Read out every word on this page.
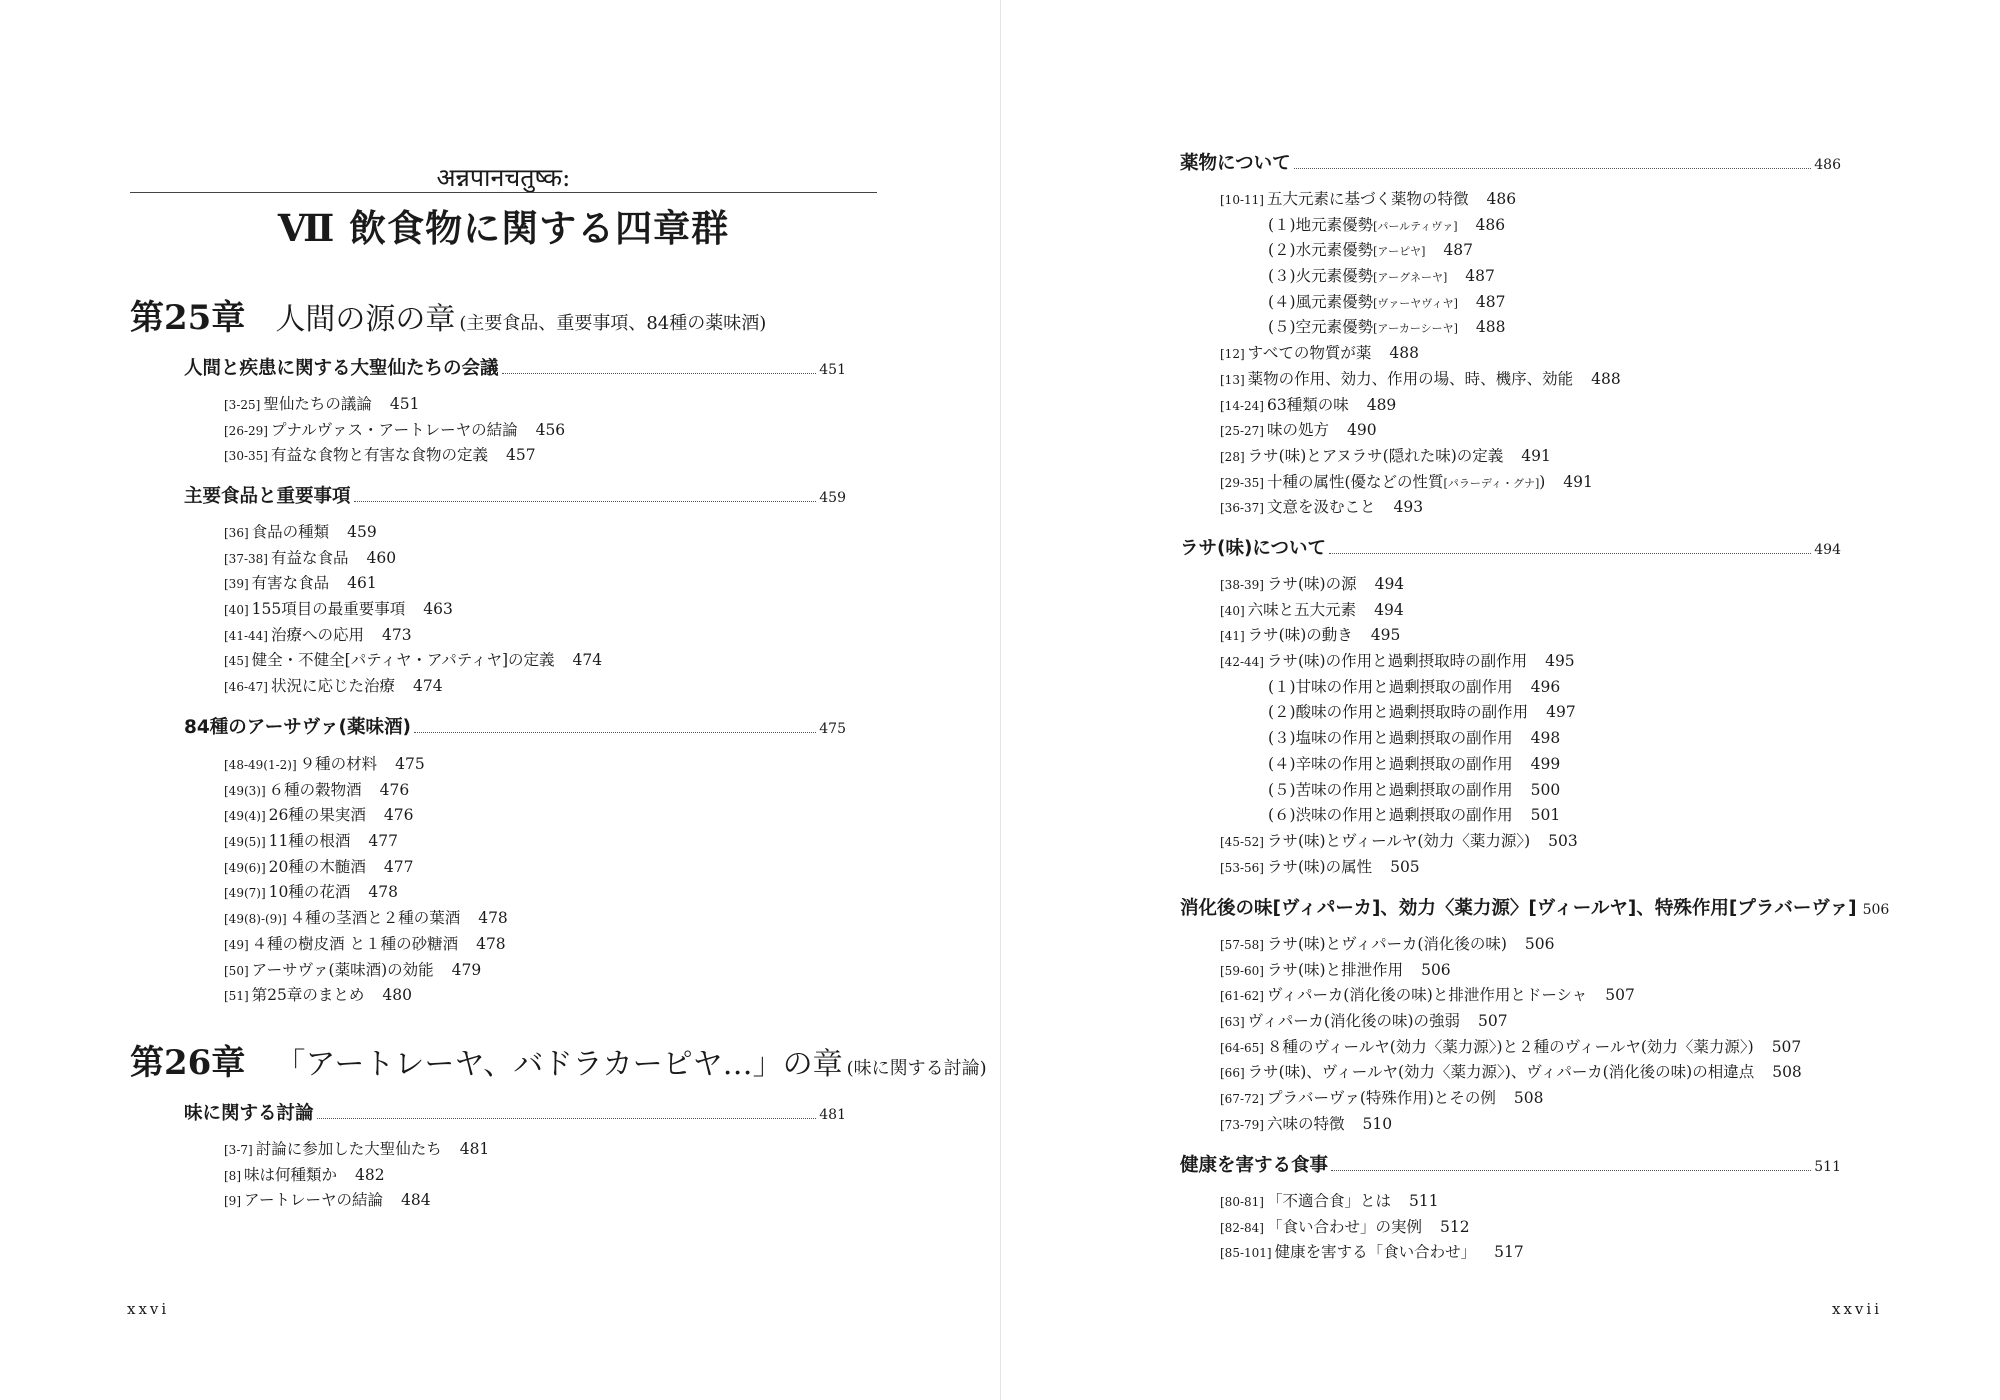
अन्नपानचतुष्क:
Ⅶ 飲食物に関する四章群
第25章 人間の源の章 (主要食品、重要事項、84種の薬味酒)
人間と疾患に関する大聖仙たちの会議	451
[3-25] 聖仙たちの議論 451
[26-29] プナルヴァス・アートレーヤの結論 456
[30-35] 有益な食物と有害な食物の定義 457
主要食品と重要事項	459
[36] 食品の種類 459
[37-38] 有益な食品 460
[39] 有害な食品 461
[40] 155項目の最重要事項 463
[41-44] 治療への応用 473
[45] 健全・不健全[パティヤ・アパティヤ]の定義 474
[46-47] 状況に応じた治療 474
84種のアーサヴァ(薬味酒)	475
[48-49(1-2)] ９種の材料 475
[49(3)] ６種の穀物酒 476
[49(4)] 26種の果実酒 476
[49(5)] 11種の根酒 477
[49(6)] 20種の木髄酒 477
[49(7)] 10種の花酒 478
[49(8)-(9)] ４種の茎酒と２種の葉酒 478
[49] ４種の樹皮酒 と１種の砂糖酒 478
[50] アーサヴァ(薬味酒)の効能 479
[51] 第25章のまとめ 480
第26章 「アートレーヤ、バドラカーピヤ…」の章 (味に関する討論)
味に関する討論	481
[3-7] 討論に参加した大聖仙たち 481
[8] 味は何種類か 482
[9] アートレーヤの結論 484
xxvi
薬物について	486
[10-11] 五大元素に基づく薬物の特徴 486
(１)地元素優勢[パールティヴァ] 486
(２)水元素優勢[アーピヤ] 487
(３)火元素優勢[アーグネーヤ] 487
(４)風元素優勢[ヴァーヤヴィヤ] 487
(５)空元素優勢[アーカーシーヤ] 488
[12] すべての物質が薬 488
[13] 薬物の作用、効力、作用の場、時、機序、効能 488
[14-24] 63種類の味 489
[25-27] 味の処方 490
[28] ラサ(味)とアヌラサ(隠れた味)の定義 491
[29-35] 十種の属性(優などの性質[パラーディ・グナ]) 491
[36-37] 文意を汲むこと 493
ラサ(味)について	494
[38-39] ラサ(味)の源 494
[40] 六味と五大元素 494
[41] ラサ(味)の動き 495
[42-44] ラサ(味)の作用と過剰摂取時の副作用 495
(１)甘味の作用と過剰摂取の副作用 496
(２)酸味の作用と過剰摂取時の副作用 497
(３)塩味の作用と過剰摂取の副作用 498
(４)辛味の作用と過剰摂取の副作用 499
(５)苦味の作用と過剰摂取の副作用 500
(６)渋味の作用と過剰摂取の副作用 501
[45-52] ラサ(味)とヴィールヤ(効力〈薬力源〉) 503
[53-56] ラサ(味)の属性 505
消化後の味[ヴィパーカ]、効力〈薬力源〉[ヴィールヤ]、特殊作用[プラバーヴァ] 506
[57-58] ラサ(味)とヴィパーカ(消化後の味) 506
[59-60] ラサ(味)と排泄作用 506
[61-62] ヴィパーカ(消化後の味)と排泄作用とドーシャ 507
[63] ヴィパーカ(消化後の味)の強弱 507
[64-65] ８種のヴィールヤ(効力〈薬力源〉)と２種のヴィールヤ(効力〈薬力源〉) 507
[66] ラサ(味)、ヴィールヤ(効力〈薬力源〉)、ヴィパーカ(消化後の味)の相違点 508
[67-72] プラバーヴァ(特殊作用)とその例 508
[73-79] 六味の特徴 510
健康を害する食事	511
[80-81] 「不適合食」とは 511
[82-84] 「食い合わせ」の実例 512
[85-101] 健康を害する「食い合わせ」 517
xxvii
